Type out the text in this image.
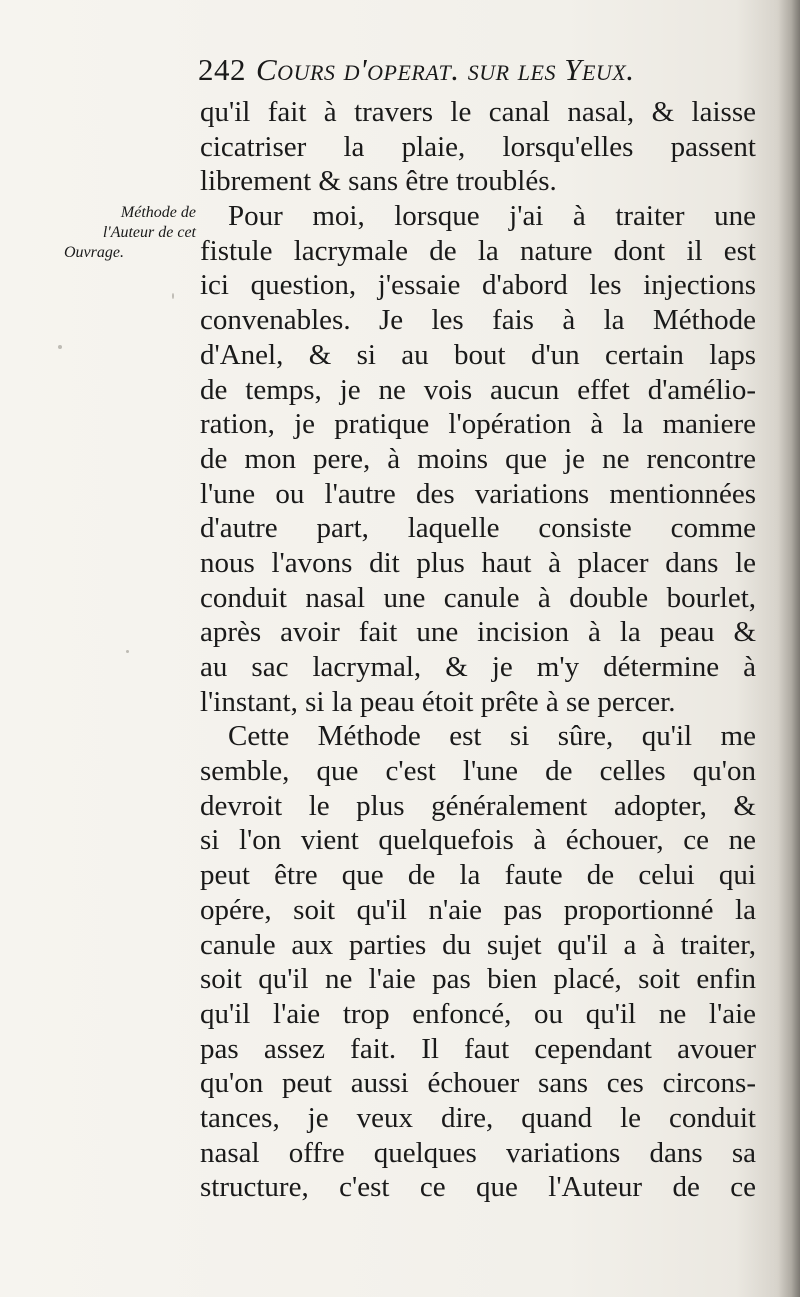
242 Cours d'operat. sur les Yeux.
Méthode de
l'Auteur de cet
Ouvrage.
qu'il fait à travers le canal nasal, & laisse
cicatriser la plaie, lorsqu'elles passent
librement & sans être troublés.
Pour moi, lorsque j'ai à traiter une
fistule lacrymale de la nature dont il est
ici question, j'essaie d'abord les injections
convenables. Je les fais à la Méthode
d'Anel, & si au bout d'un certain laps
de temps, je ne vois aucun effet d'amélio-
ration, je pratique l'opération à la maniere
de mon pere, à moins que je ne rencontre
l'une ou l'autre des variations mentionnées
d'autre part, laquelle consiste comme
nous l'avons dit plus haut à placer dans le
conduit nasal une canule à double bourlet,
après avoir fait une incision à la peau &
au sac lacrymal, & je m'y détermine à
l'instant, si la peau étoit prête à se percer.
Cette Méthode est si sûre, qu'il me
semble, que c'est l'une de celles qu'on
devroit le plus généralement adopter, &
si l'on vient quelquefois à échouer, ce ne
peut être que de la faute de celui qui
opére, soit qu'il n'aie pas proportionné la
canule aux parties du sujet qu'il a à traiter,
soit qu'il ne l'aie pas bien placé, soit enfin
qu'il l'aie trop enfoncé, ou qu'il ne l'aie
pas assez fait. Il faut cependant avouer
qu'on peut aussi échouer sans ces circons-
tances, je veux dire, quand le conduit
nasal offre quelques variations dans sa
structure, c'est ce que l'Auteur de ce
